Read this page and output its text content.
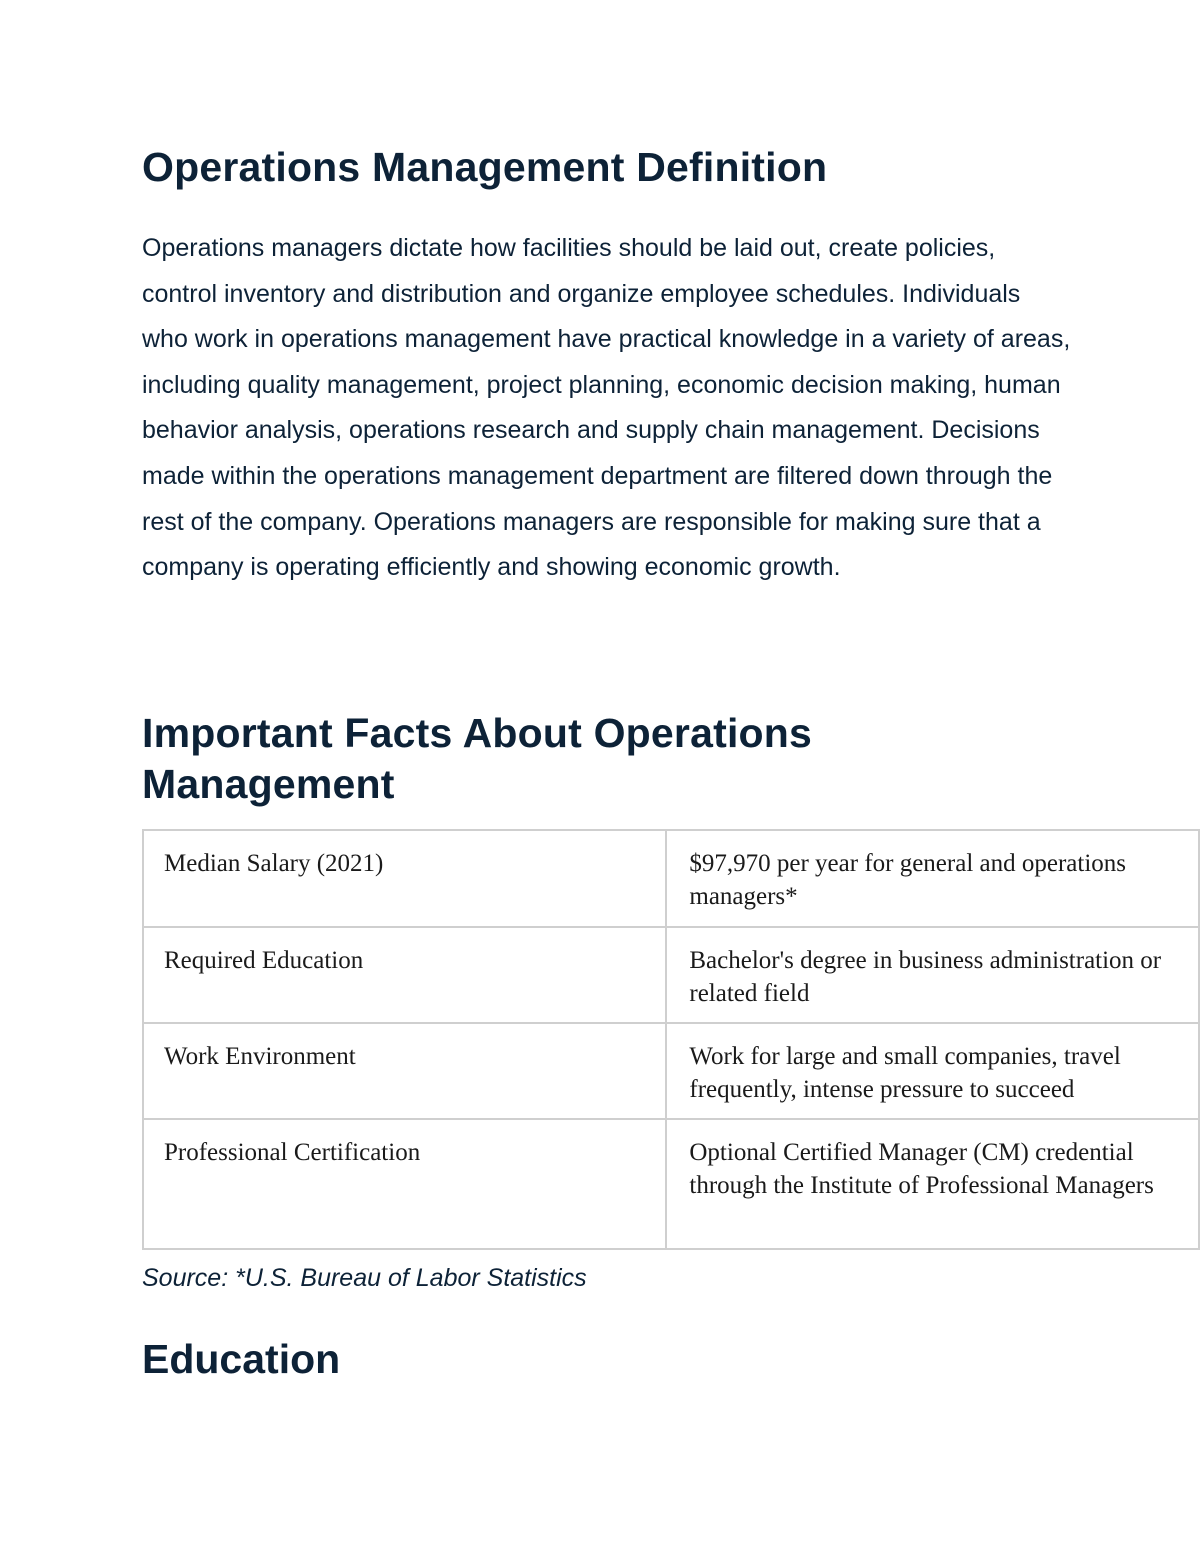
Operations Management Definition

Operations managers dictate how facilities should be laid out, create policies, control inventory and distribution and organize employee schedules. Individuals who work in operations management have practical knowledge in a variety of areas, including quality management, project planning, economic decision making, human behavior analysis, operations research and supply chain management. Decisions made within the operations management department are filtered down through the rest of the company. Operations managers are responsible for making sure that a company is operating efficiently and showing economic growth.

Important Facts About Operations Management
Median Salary (2021)	$97,970 per year for general and operations managers*
Required Education	Bachelor's degree in business administration or related field
Work Environment	Work for large and small companies, travel frequently, intense pressure to succeed
Professional Certification	Optional Certified Manager (CM) credential through the Institute of Professional Managers

Source: *U.S. Bureau of Labor Statistics

Education
